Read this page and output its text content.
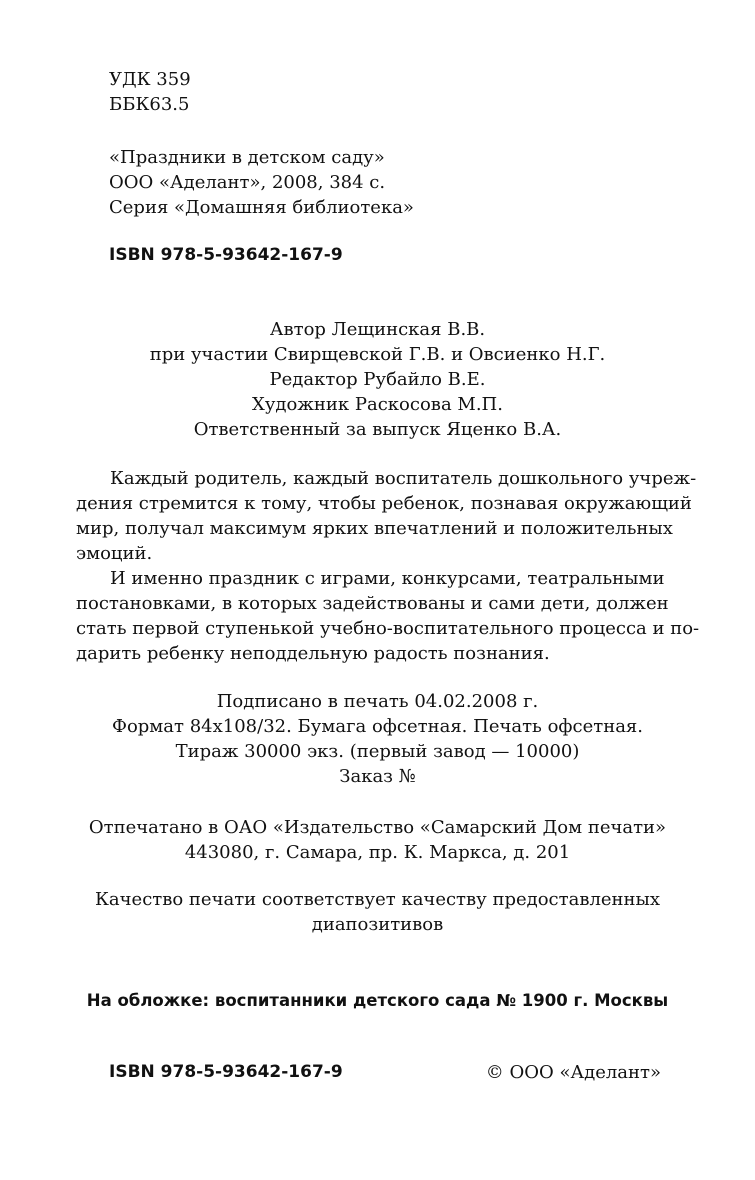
УДК 359
ББК63.5
«Праздники в детском саду»
ООО «Аделант», 2008, 384 с.
Серия «Домашняя библиотека»
ISBN 978-5-93642-167-9
Автор Лещинская В.В.
при участии Свирщевской Г.В. и Овсиенко Н.Г.
Редактор Рубайло В.Е.
Художник Раскосова М.П.
Ответственный за выпуск Яценко В.А.
Каждый родитель, каждый воспитатель дошкольного учреж-
дения стремится к тому, чтобы ребенок, познавая окружающий
мир, получал максимум ярких впечатлений и положительных
эмоций.
И именно праздник с играми, конкурсами, театральными
постановками, в которых задействованы и сами дети, должен
стать первой ступенькой учебно-воспитательного процесса и по-
дарить ребенку неподдельную радость познания.
Подписано в печать 04.02.2008 г.
Формат 84x108/32. Бумага офсетная. Печать офсетная.
Тираж 30000 экз. (первый завод — 10000)
Заказ №
Отпечатано в ОАО «Издательство «Самарский Дом печати»
443080, г. Самара, пр. К. Маркса, д. 201
Качество печати соответствует качеству предоставленных
диапозитивов
На обложке: воспитанники детского сада № 1900 г. Москвы
ISBN 978-5-93642-167-9	© ООО «Аделант»
